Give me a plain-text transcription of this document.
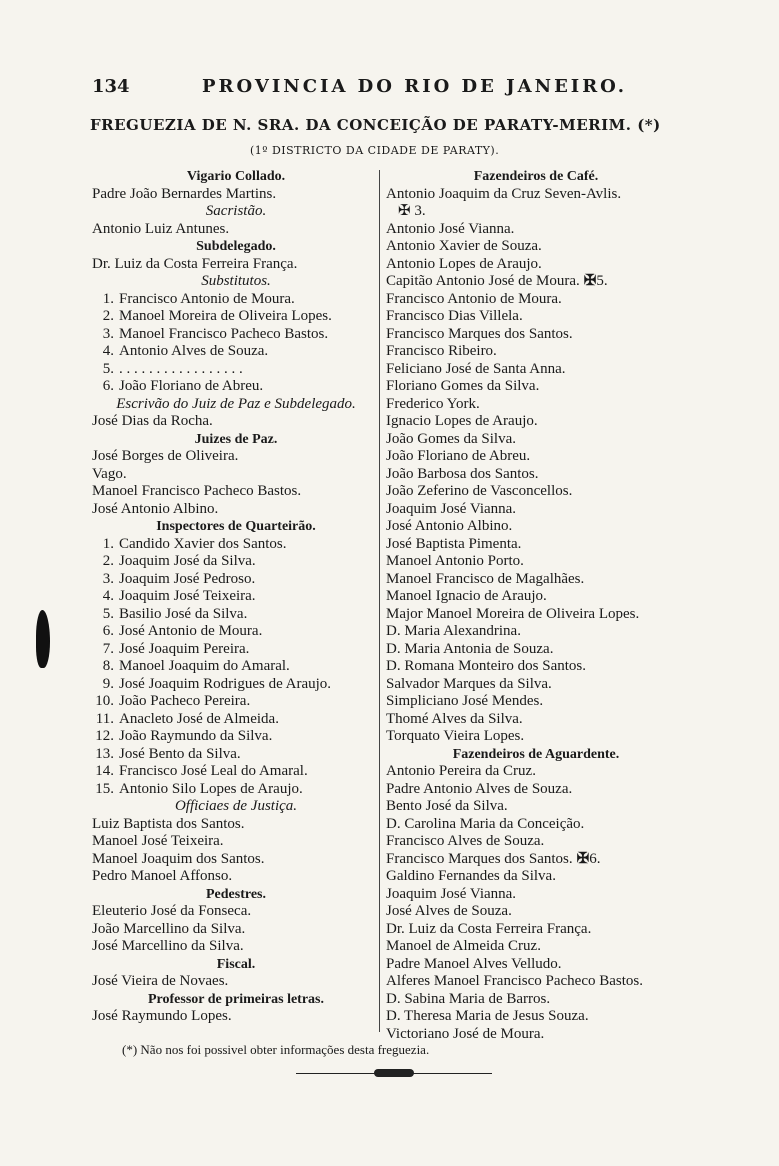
134	PROVINCIA DO RIO DE JANEIRO.
FREGUEZIA DE N. SRA. DA CONCEIÇÃO DE PARATY-MERIM. (*)
(1º DISTRICTO DA CIDADE DE PARATY).
Vigario Collado.
Padre João Bernardes Martins.
Sacristão.
Antonio Luiz Antunes.
Subdelegado.
Dr. Luiz da Costa Ferreira França.
Substitutos.
1. Francisco Antonio de Moura.
2. Manoel Moreira de Oliveira Lopes.
3. Manoel Francisco Pacheco Bastos.
4. Antonio Alves de Souza.
5. . . . . . . . . . . . . . . . . .
6. João Floriano de Abreu.
Escrivão do Juiz de Paz e Subdelegado.
José Dias da Rocha.
Juizes de Paz.
José Borges de Oliveira.
Vago.
Manoel Francisco Pacheco Bastos.
José Antonio Albino.
Inspectores de Quarteirão.
1. Candido Xavier dos Santos.
2. Joaquim José da Silva.
3. Joaquim José Pedroso.
4. Joaquim José Teixeira.
5. Basilio José da Silva.
6. José Antonio de Moura.
7. José Joaquim Pereira.
8. Manoel Joaquim do Amaral.
9. José Joaquim Rodrigues de Araujo.
10. João Pacheco Pereira.
11. Anacleto José de Almeida.
12. João Raymundo da Silva.
13. José Bento da Silva.
14. Francisco José Leal do Amaral.
15. Antonio Silo Lopes de Araujo.
Officiaes de Justiça.
Luiz Baptista dos Santos.
Manoel José Teixeira.
Manoel Joaquim dos Santos.
Pedro Manoel Affonso.
Pedestres.
Eleuterio José da Fonseca.
João Marcellino da Silva.
José Marcellino da Silva.
Fiscal.
José Vieira de Novaes.
Professor de primeiras letras.
José Raymundo Lopes.
Fazendeiros de Café.
Antonio Joaquim da Cruz Seven-Avlis.
✠ 3.
Antonio José Vianna.
Antonio Xavier de Souza.
Antonio Lopes de Araujo.
Capitão Antonio José de Moura. ✠5.
Francisco Antonio de Moura.
Francisco Dias Villela.
Francisco Marques dos Santos.
Francisco Ribeiro.
Feliciano José de Santa Anna.
Floriano Gomes da Silva.
Frederico York.
Ignacio Lopes de Araujo.
João Gomes da Silva.
João Floriano de Abreu.
João Barbosa dos Santos.
João Zeferino de Vasconcellos.
Joaquim José Vianna.
José Antonio Albino.
José Baptista Pimenta.
Manoel Antonio Porto.
Manoel Francisco de Magalhães.
Manoel Ignacio de Araujo.
Major Manoel Moreira de Oliveira Lopes.
D. Maria Alexandrina.
D. Maria Antonia de Souza.
D. Romana Monteiro dos Santos.
Salvador Marques da Silva.
Simpliciano José Mendes.
Thomé Alves da Silva.
Torquato Vieira Lopes.
Fazendeiros de Aguardente.
Antonio Pereira da Cruz.
Padre Antonio Alves de Souza.
Bento José da Silva.
D. Carolina Maria da Conceição.
Francisco Alves de Souza.
Francisco Marques dos Santos. ✠6.
Galdino Fernandes da Silva.
Joaquim José Vianna.
José Alves de Souza.
Dr. Luiz da Costa Ferreira França.
Manoel de Almeida Cruz.
Padre Manoel Alves Velludo.
Alferes Manoel Francisco Pacheco Bastos.
D. Sabina Maria de Barros.
D. Theresa Maria de Jesus Souza.
Victoriano José de Moura.
(*) Não nos foi possivel obter informações desta freguezia.
